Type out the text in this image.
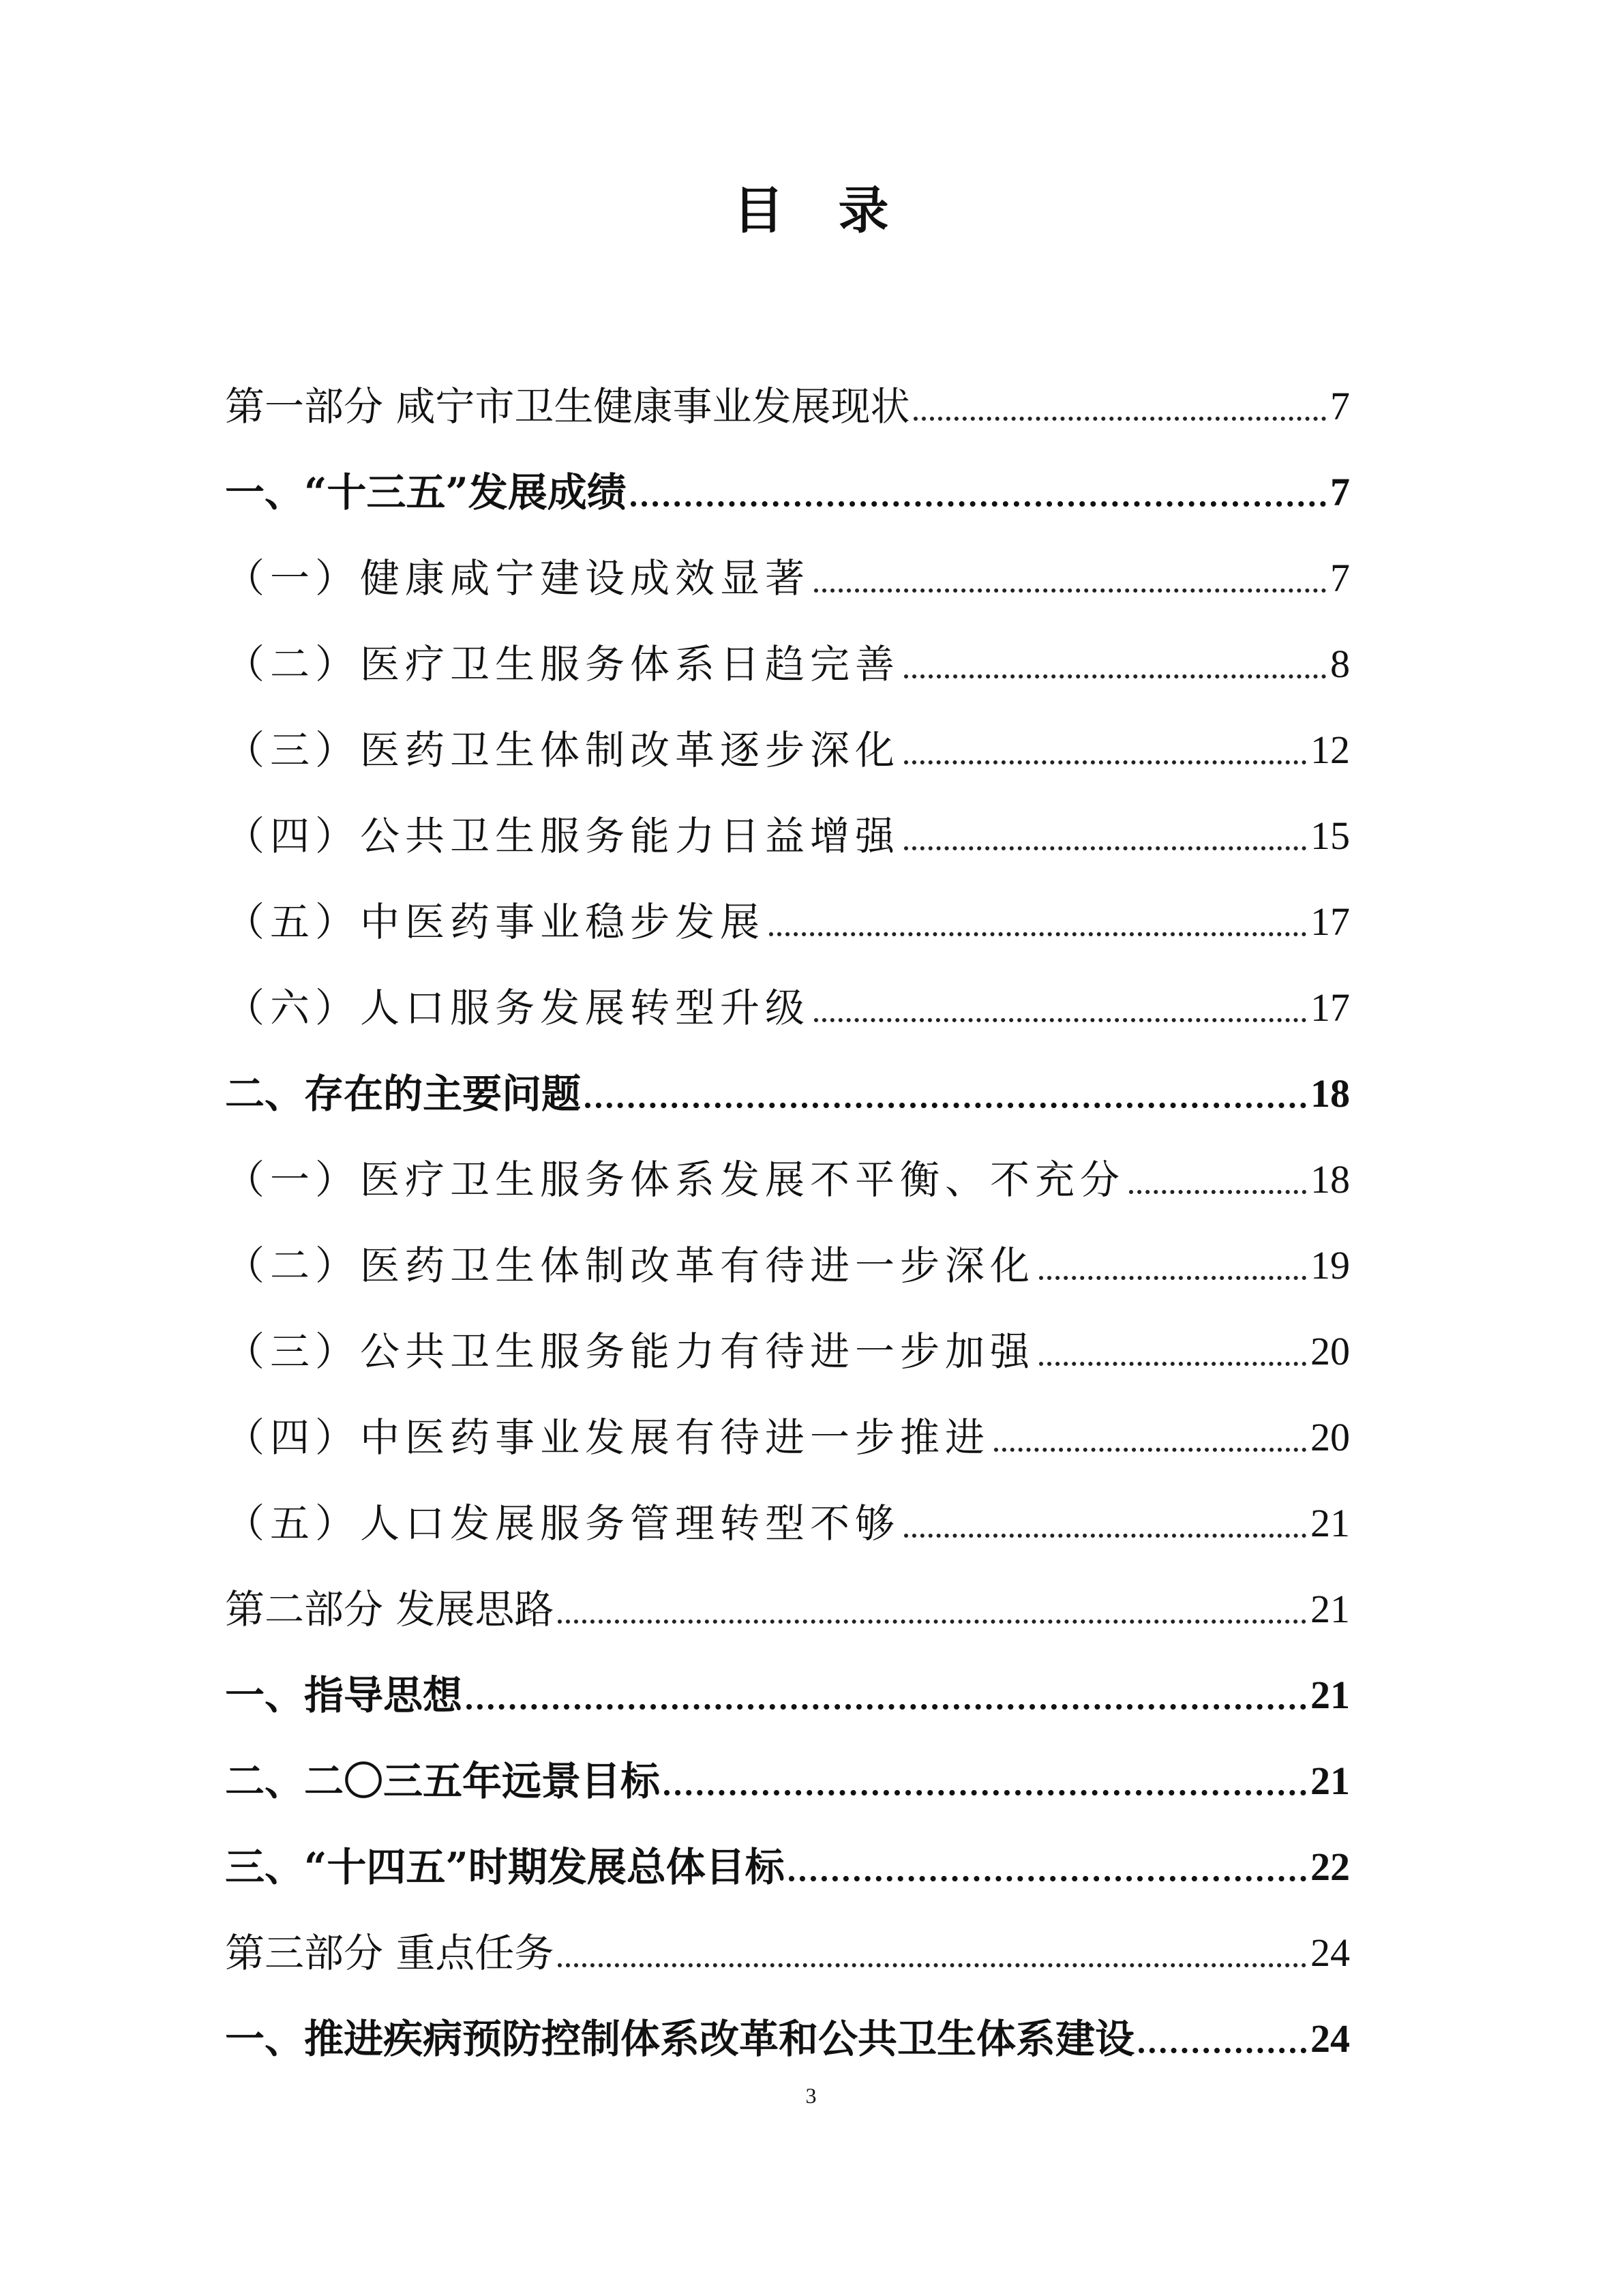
目 录
第一部分 咸宁市卫生健康事业发展现状	7
一、“十三五”发展成绩	7
（一）健康咸宁建设成效显著	7
（二）医疗卫生服务体系日趋完善	8
（三）医药卫生体制改革逐步深化	12
（四）公共卫生服务能力日益增强	15
（五）中医药事业稳步发展	17
（六）人口服务发展转型升级	17
二、存在的主要问题	18
（一）医疗卫生服务体系发展不平衡、不充分	18
（二）医药卫生体制改革有待进一步深化	19
（三）公共卫生服务能力有待进一步加强	20
（四）中医药事业发展有待进一步推进	20
（五）人口发展服务管理转型不够	21
第二部分 发展思路	21
一、指导思想	21
二、二〇三五年远景目标	21
三、“十四五”时期发展总体目标	22
第三部分 重点任务	24
一、推进疾病预防控制体系改革和公共卫生体系建设	24
3
